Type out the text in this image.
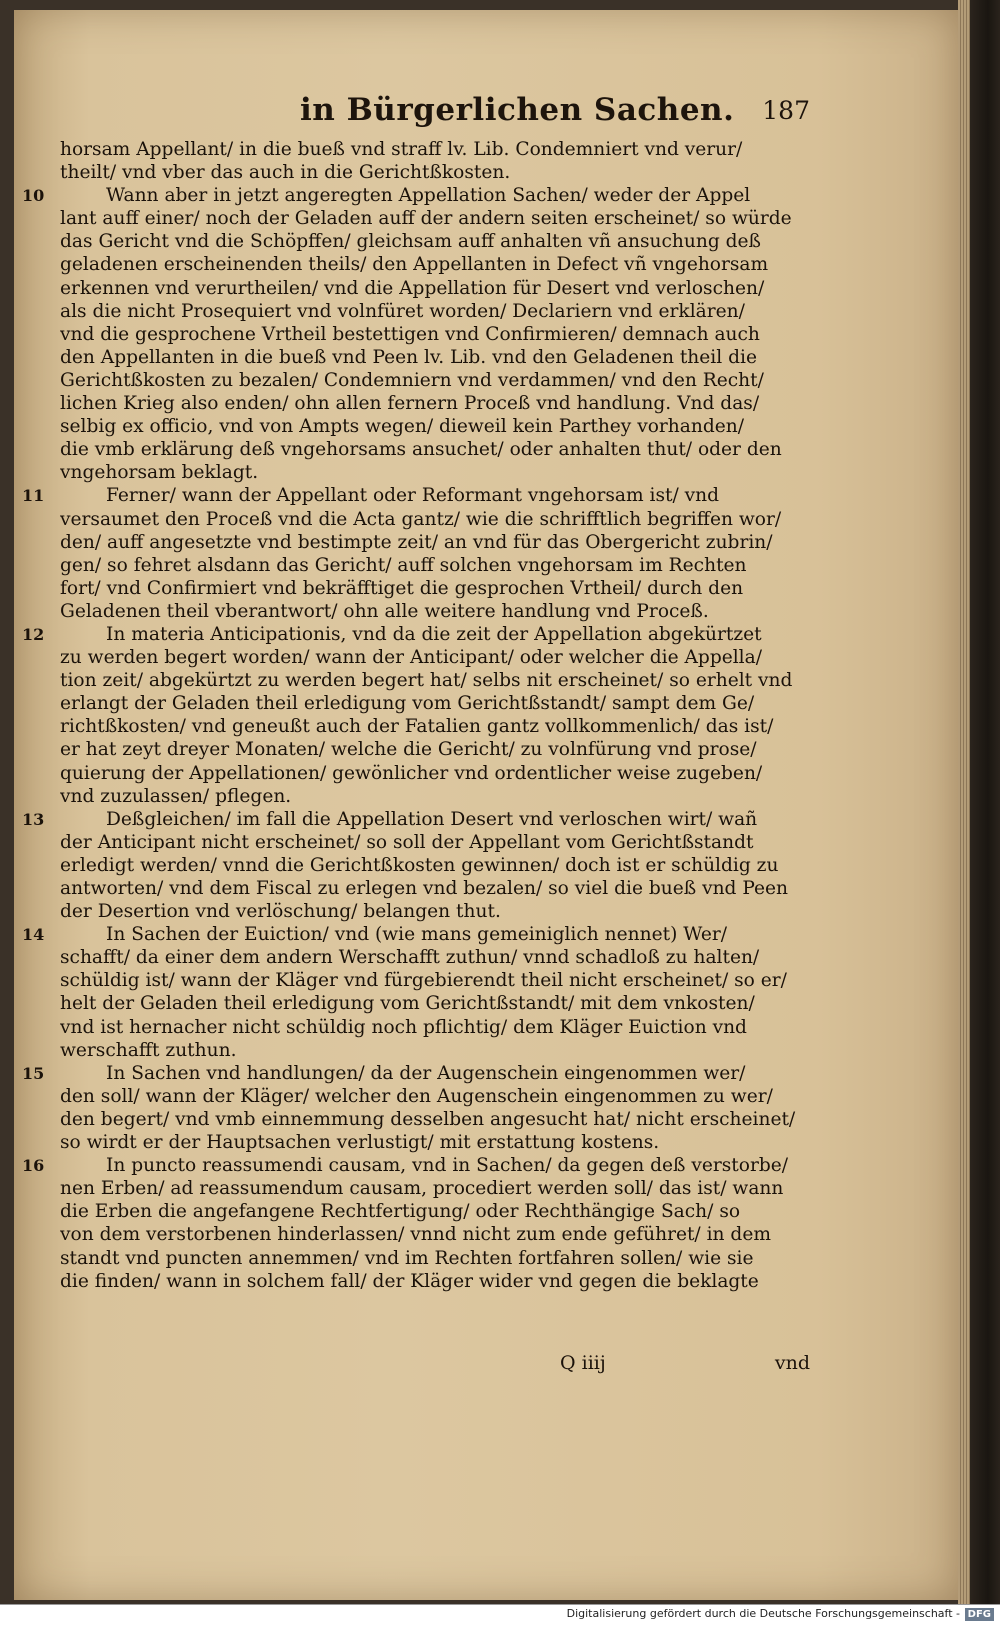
in Bürgerlichen Sachen. 187
horsam Appellant/ in die bueß vnd straff lv. Lib. Condemniert vnd verur/
theilt/ vnd vber das auch in die Gerichtßkosten.
10	Wann aber in jetzt angeregten Appellation Sachen/ weder der Appel
lant auff einer/ noch der Geladen auff der andern seiten erscheinet/ so würde
das Gericht vnd die Schöpffen/ gleichsam auff anhalten vñ ansuchung deß
geladenen erscheinenden theils/ den Appellanten in Defect vñ vngehorsam
erkennen vnd verurtheilen/ vnd die Appellation für Desert vnd verloschen/
als die nicht Prosequiert vnd volnfüret worden/ Declariern vnd erklären/
vnd die gesprochene Vrtheil bestettigen vnd Confirmieren/ demnach auch
den Appellanten in die bueß vnd Peen lv. Lib. vnd den Geladenen theil die
Gerichtßkosten zu bezalen/ Condemniern vnd verdammen/ vnd den Recht/
lichen Krieg also enden/ ohn allen fernern Proceß vnd handlung. Vnd das/
selbig ex officio, vnd von Ampts wegen/ dieweil kein Parthey vorhanden/
die vmb erklärung deß vngehorsams ansuchet/ oder anhalten thut/ oder den
vngehorsam beklagt.
11	Ferner/ wann der Appellant oder Reformant vngehorsam ist/ vnd
versaumet den Proceß vnd die Acta gantz/ wie die schrifftlich begriffen wor/
den/ auff angesetzte vnd bestimpte zeit/ an vnd für das Obergericht zubrin/
gen/ so fehret alsdann das Gericht/ auff solchen vngehorsam im Rechten
fort/ vnd Confirmiert vnd bekräfftiget die gesprochen Vrtheil/ durch den
Geladenen theil vberantwort/ ohn alle weitere handlung vnd Proceß.
12	In materia Anticipationis, vnd da die zeit der Appellation abgekürtzet
zu werden begert worden/ wann der Anticipant/ oder welcher die Appella/
tion zeit/ abgekürtzt zu werden begert hat/ selbs nit erscheinet/ so erhelt vnd
erlangt der Geladen theil erledigung vom Gerichtßstandt/ sampt dem Ge/
richtßkosten/ vnd geneußt auch der Fatalien gantz vollkommenlich/ das ist/
er hat zeyt dreyer Monaten/ welche die Gericht/ zu volnfürung vnd prose/
quierung der Appellationen/ gewönlicher vnd ordentlicher weise zugeben/
vnd zuzulassen/ pflegen.
13	Deßgleichen/ im fall die Appellation Desert vnd verloschen wirt/ wañ
der Anticipant nicht erscheinet/ so soll der Appellant vom Gerichtßstandt
erledigt werden/ vnnd die Gerichtßkosten gewinnen/ doch ist er schüldig zu
antworten/ vnd dem Fiscal zu erlegen vnd bezalen/ so viel die bueß vnd Peen
der Desertion vnd verlöschung/ belangen thut.
14	In Sachen der Euiction/ vnd (wie mans gemeiniglich nennet) Wer/
schafft/ da einer dem andern Werschafft zuthun/ vnnd schadloß zu halten/
schüldig ist/ wann der Kläger vnd fürgebierendt theil nicht erscheinet/ so er/
helt der Geladen theil erledigung vom Gerichtßstandt/ mit dem vnkosten/
vnd ist hernacher nicht schüldig noch pflichtig/ dem Kläger Euiction vnd
werschafft zuthun.
15	In Sachen vnd handlungen/ da der Augenschein eingenommen wer/
den soll/ wann der Kläger/ welcher den Augenschein eingenommen zu wer/
den begert/ vnd vmb einnemmung desselben angesucht hat/ nicht erscheinet/
so wirdt er der Hauptsachen verlustigt/ mit erstattung kostens.
16	In puncto reassumendi causam, vnd in Sachen/ da gegen deß verstorbe/
nen Erben/ ad reassumendum causam, procediert werden soll/ das ist/ wann
die Erben die angefangene Rechtfertigung/ oder Rechthängige Sach/ so
von dem verstorbenen hinderlassen/ vnnd nicht zum ende geführet/ in dem
standt vnd puncten annemmen/ vnd im Rechten fortfahren sollen/ wie sie
die finden/ wann in solchem fall/ der Kläger wider vnd gegen die beklagte
Q iiij	vnd
Digitalisierung gefördert durch die Deutsche Forschungsgemeinschaft - DFG
